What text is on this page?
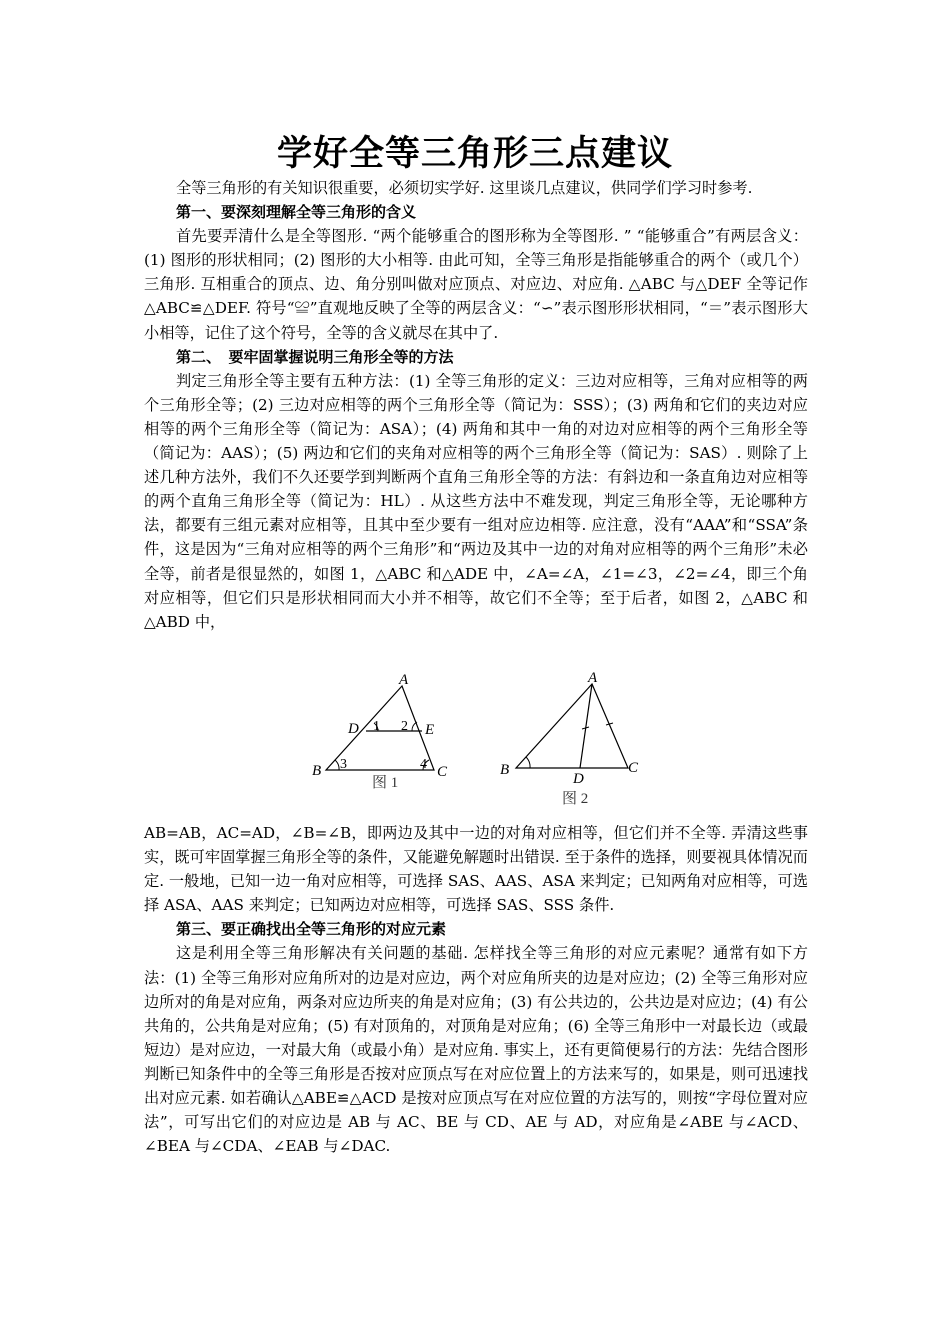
学好全等三角形三点建议

全等三角形的有关知识很重要，必须切实学好. 这里谈几点建议，供同学们学习时参考.

第一、要深刻理解全等三角形的含义

首先要弄清什么是全等图形. “两个能够重合的图形称为全等图形. ” “能够重合”有两层含义：(1) 图形的形状相同；(2) 图形的大小相等. 由此可知，全等三角形是指能够重合的两个（或几个）三角形. 互相重合的顶点、边、角分别叫做对应顶点、对应边、对应角. △ABC 与△DEF 全等记作△ABC≌△DEF. 符号“≌”直观地反映了全等的两层含义：“∽”表示图形形状相同，“＝”表示图形大小相等，记住了这个符号，全等的含义就尽在其中了.

第二、　要牢固掌握说明三角形全等的方法

判定三角形全等主要有五种方法：(1) 全等三角形的定义：三边对应相等，三角对应相等的两个三角形全等；(2) 三边对应相等的两个三角形全等（简记为：SSS）；(3) 两角和它们的夹边对应相等的两个三角形全等（简记为：ASA）；(4) 两角和其中一角的对边对应相等的两个三角形全等（简记为：AAS）；(5) 两边和它们的夹角对应相等的两个三角形全等（简记为：SAS）. 则除了上述几种方法外，我们不久还要学到判断两个直角三角形全等的方法：有斜边和一条直角边对应相等的两个直角三角形全等（简记为：HL）. 从这些方法中不难发现，判定三角形全等，无论哪种方法，都要有三组元素对应相等，且其中至少要有一组对应边相等. 应注意，没有“AAA”和“SSA”条件，这是因为“三角对应相等的两个三角形”和“两边及其中一边的对角对应相等的两个三角形”未必全等，前者是很显然的，如图 1，△ABC 和△ADE 中，∠A=∠A，∠1=∠3，∠2=∠4，即三个角对应相等，但它们只是形状相同而大小并不相等，故它们不全等；至于后者，如图 2，△ABC 和△ABD 中，

A
B	C
D	E
1 2
3	4
图 1
A
B	C
D
图 2

AB=AB，AC=AD，∠B=∠B，即两边及其中一边的对角对应相等，但它们并不全等. 弄清这些事实，既可牢固掌握三角形全等的条件，又能避免解题时出错误. 至于条件的选择，则要视具体情况而定. 一般地，已知一边一角对应相等，可选择 SAS、AAS、ASA 来判定；已知两角对应相等，可选择 ASA、AAS 来判定；已知两边对应相等，可选择 SAS、SSS 条件.

第三、要正确找出全等三角形的对应元素

这是利用全等三角形解决有关问题的基础. 怎样找全等三角形的对应元素呢？通常有如下方法：(1) 全等三角形对应角所对的边是对应边，两个对应角所夹的边是对应边；(2) 全等三角形对应边所对的角是对应角，两条对应边所夹的角是对应角；(3) 有公共边的，公共边是对应边；(4) 有公共角的，公共角是对应角；(5) 有对顶角的，对顶角是对应角；(6) 全等三角形中一对最长边（或最短边）是对应边，一对最大角（或最小角）是对应角. 事实上，还有更简便易行的方法：先结合图形判断已知条件中的全等三角形是否按对应顶点写在对应位置上的方法来写的，如果是，则可迅速找出对应元素. 如若确认△ABE≌△ACD 是按对应顶点写在对应位置的方法写的，则按“字母位置对应法”，可写出它们的对应边是 AB 与 AC、BE 与 CD、AE 与 AD，对应角是∠ABE 与∠ACD、∠BEA 与∠CDA、∠EAB 与∠DAC.
